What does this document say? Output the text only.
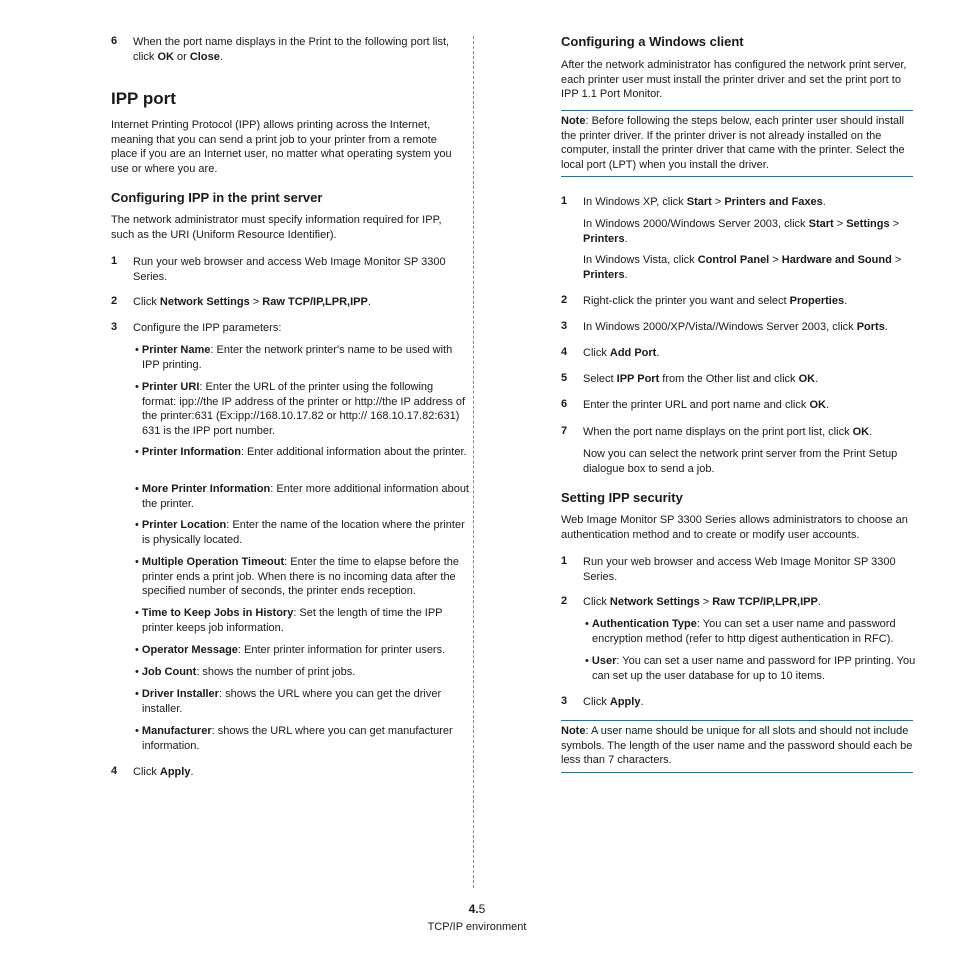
6 When the port name displays in the Print to the following port list, click OK or Close.

IPP port

Internet Printing Protocol (IPP) allows printing across the Internet, meaning that you can send a print job to your printer from a remote place if you are an Internet user, no matter what operating system you use or where you are.

Configuring IPP in the print server

The network administrator must specify information required for IPP, such as the URI (Uniform Resource Identifier).

1 Run your web browser and access Web Image Monitor SP 3300 Series.

2 Click Network Settings > Raw TCP/IP,LPR,IPP.

3 Configure the IPP parameters:

• Printer Name: Enter the network printer's name to be used with IPP printing.

• Printer URI: Enter the URL of the printer using the following format: ipp://the IP address of the printer or http://the IP address of the printer:631 (Ex:ipp://168.10.17.82 or http:// 168.10.17.82:631) 631 is the IPP port number.

• Printer Information: Enter additional information about the printer.

• More Printer Information: Enter more additional information about the printer.

• Printer Location: Enter the name of the location where the printer is physically located.

• Multiple Operation Timeout: Enter the time to elapse before the printer ends a print job. When there is no incoming data after the specified number of seconds, the printer ends reception.

• Time to Keep Jobs in History: Set the length of time the IPP printer keeps job information.

• Operator Message: Enter printer information for printer users.

• Job Count: shows the number of print jobs.

• Driver Installer: shows the URL where you can get the driver installer.

• Manufacturer: shows the URL where you can get manufacturer information.

4 Click Apply.

Configuring a Windows client

After the network administrator has configured the network print server, each printer user must install the printer driver and set the print port to IPP 1.1 Port Monitor.

Note: Before following the steps below, each printer user should install the printer driver. If the printer driver is not already installed on the computer, install the printer driver that came with the printer. Select the local port (LPT) when you install the driver.
1 In Windows XP, click Start > Printers and Faxes.

In Windows 2000/Windows Server 2003, click Start > Settings > Printers.

In Windows Vista, click Control Panel > Hardware and Sound > Printers.

2 Right-click the printer you want and select Properties.

3 In Windows 2000/XP/Vista//Windows Server 2003, click Ports.

4 Click Add Port.

5 Select IPP Port from the Other list and click OK.

6 Enter the printer URL and port name and click OK.

7 When the port name displays on the print port list, click OK.

Now you can select the network print server from the Print Setup dialogue box to send a job.

Setting IPP security

Web Image Monitor SP 3300 Series allows administrators to choose an authentication method and to create or modify user accounts.

1 Run your web browser and access Web Image Monitor SP 3300 Series.

2 Click Network Settings > Raw TCP/IP,LPR,IPP.

• Authentication Type: You can set a user name and password encryption method (refer to http digest authentication in RFC).

• User: You can set a user name and password for IPP printing. You can set up the user database for up to 10 items.

3 Click Apply.

Note: A user name should be unique for all slots and should not include symbols. The length of the user name and the password should each be less than 7 characters.
4.5
TCP/IP environment
